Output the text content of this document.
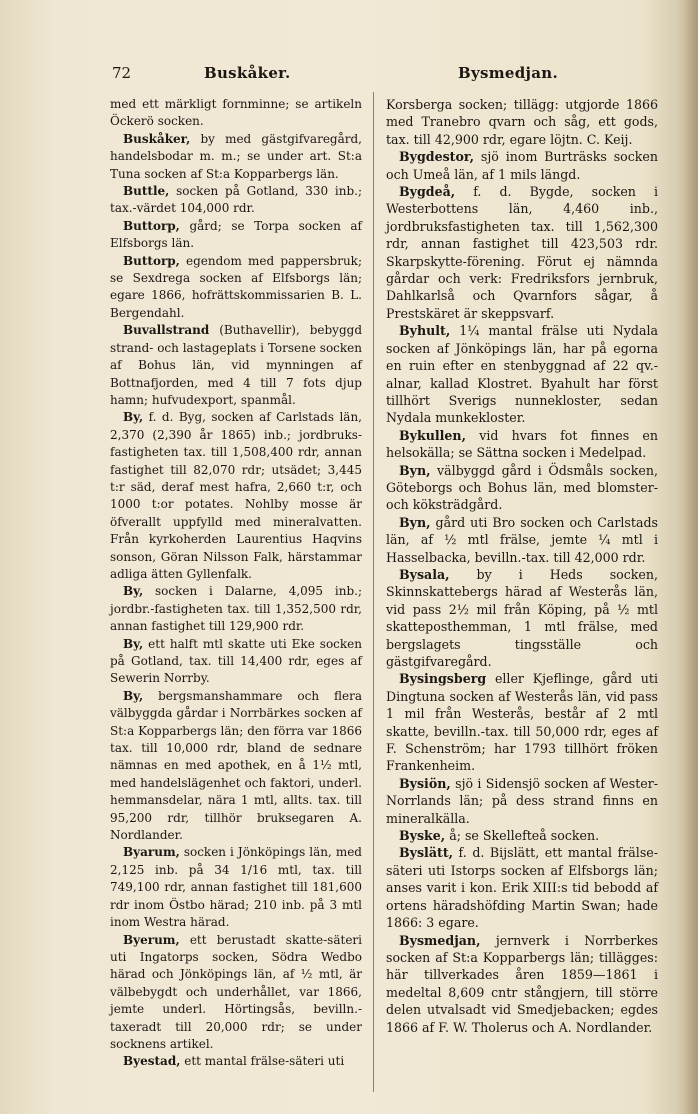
72	Buskåker.	Bysmedjan.

med ett märkligt fornminne; se artikeln Öckerö socken.

Buskåker, by med gästgifvaregård, handelsbodar m. m.; se under art. St:a Tuna socken af St:a Kopparbergs län.

Buttle, socken på Gotland, 330 inb.; tax.-värdet 104,000 rdr.

Buttorp, gård; se Torpa socken af Elfsborgs län.

Buttorp, egendom med pappersbruk; se Sexdrega socken af Elfsborgs län; egare 1866, hofrättskommissarien B. L. Bergendahl.

Buvallstrand (Buthavellir), bebyggd strand- och lastageplats i Torsene socken af Bohus län, vid mynningen af Bottnafjorden, med 4 till 7 fots djup hamn; hufvudexport, spanmål.

By, f. d. Byg, socken af Carlstads län, 2,370 (2,390 år 1865) inb.; jordbruks-fastigheten tax. till 1,508,400 rdr, annan fastighet till 82,070 rdr; utsädet; 3,445 t:r säd, deraf mest hafra, 2,660 t:r, och 1000 t:or potates. Nohlby mosse är öfverallt uppfylld med mineralvatten. Från kyrkoherden Laurentius Haqvins sonson, Göran Nilsson Falk, härstammar adliga ätten Gyllenfalk.

By, socken i Dalarne, 4,095 inb.; jordbr.-fastigheten tax. till 1,352,500 rdr, annan fastighet till 129,900 rdr.

By, ett halft mtl skatte uti Eke socken på Gotland, tax. till 14,400 rdr, eges af Sewerin Norrby.

By, bergsmanshammare och flera välbyggda gårdar i Norrbärkes socken af St:a Kopparbergs län; den förra var 1866 tax. till 10,000 rdr, bland de sednare nämnas en med apothek, en å 1½ mtl, med handelslägenhet och faktori, underl. hemmansdelar, nära 1 mtl, allts. tax. till 95,200 rdr, tillhör bruksegaren A. Nordlander.

Byarum, socken i Jönköpings län, med 2,125 inb. på 34 1/16 mtl, tax. till 749,100 rdr, annan fastighet till 181,600 rdr inom Östbo härad; 210 inb. på 3 mtl inom Westra härad.

Byerum, ett berustadt skatte-säteri uti Ingatorps socken, Södra Wedbo härad och Jönköpings län, af ½ mtl, är välbebygdt och underhållet, var 1866, jemte underl. Hörtingsås, bevilln.-taxeradt till 20,000 rdr; se under socknens artikel.

Byestad, ett mantal frälse-säteri uti

Korsberga socken; tillägg: utgjorde 1866 med Tranebro qvarn och såg, ett gods, tax. till 42,900 rdr, egare löjtn. C. Keij.

Bygdestor, sjö inom Burträsks socken och Umeå län, af 1 mils längd.

Bygdeå, f. d. Bygde, socken i Westerbottens län, 4,460 inb., jordbruksfastigheten tax. till 1,562,300 rdr, annan fastighet till 423,503 rdr. Skarpskytte-förening. Förut ej nämnda gårdar och verk: Fredriksfors jernbruk, Dahlkarlså och Qvarnfors sågar, å Prestskäret är skeppsvarf.

Byhult, 1¼ mantal frälse uti Nydala socken af Jönköpings län, har på egorna en ruin efter en stenbyggnad af 22 qv.-alnar, kallad Klostret. Byahult har först tillhört Sverigs nunnekloster, sedan Nydala munkekloster.

Bykullen, vid hvars fot finnes en helsokälla; se Sättna socken i Medelpad.

Byn, välbyggd gård i Ödsmåls socken, Göteborgs och Bohus län, med blomster- och köksträdgård.

Byn, gård uti Bro socken och Carlstads län, af ½ mtl frälse, jemte ¼ mtl i Hasselbacka, bevilln.-tax. till 42,000 rdr.

Bysala, by i Heds socken, Skinnskattebergs härad af Westerås län, vid pass 2½ mil från Köping, på ½ mtl skatteposthemman, 1 mtl frälse, med bergslagets tingsställe och gästgifvaregård.

Bysingsberg eller Kjeflinge, gård uti Dingtuna socken af Westerås län, vid pass 1 mil från Westerås, består af 2 mtl skatte, bevilln.-tax. till 50,000 rdr, eges af F. Schenström; har 1793 tillhört fröken Frankenheim.

Bysiön, sjö i Sidensjö socken af Wester-Norrlands län; på dess strand finns en mineralkälla.

Byske, å; se Skellefteå socken.

Byslätt, f. d. Bijslätt, ett mantal frälse-säteri uti Istorps socken af Elfsborgs län; anses varit i kon. Erik XIII:s tid bebodd af ortens häradshöfding Martin Swan; hade 1866: 3 egare.

Bysmedjan, jernverk i Norrberkes socken af St:a Kopparbergs län; tillägges: här tillverkades åren 1859—1861 i medeltal 8,609 cntr stångjern, till större delen utvalsadt vid Smedjebacken; egdes 1866 af F. W. Tholerus och A. Nordlander.
